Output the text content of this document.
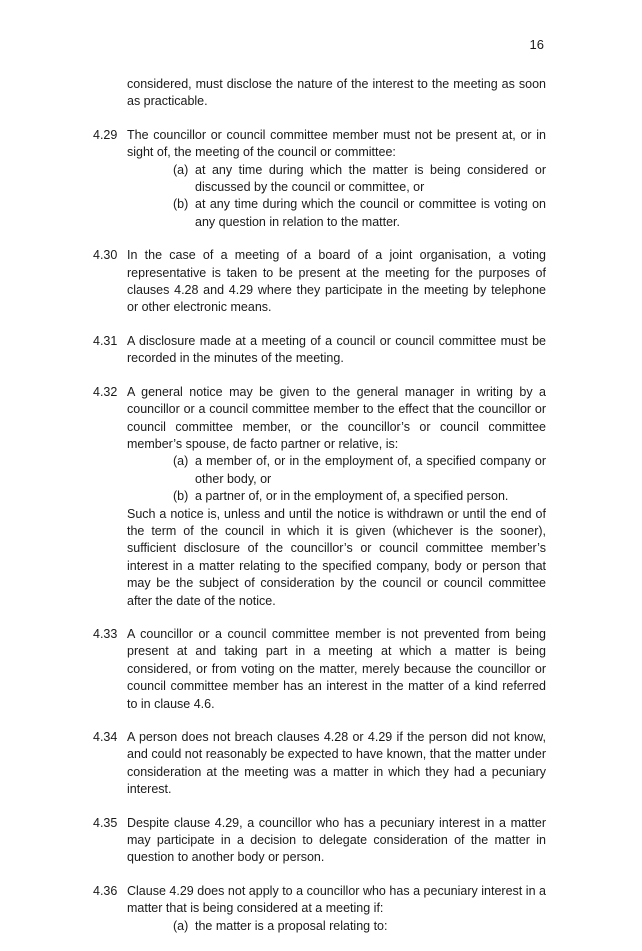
16
considered, must disclose the nature of the interest to the meeting as soon as practicable.
4.29 The councillor or council committee member must not be present at, or in sight of, the meeting of the council or committee:
(a) at any time during which the matter is being considered or discussed by the council or committee, or
(b) at any time during which the council or committee is voting on any question in relation to the matter.
4.30 In the case of a meeting of a board of a joint organisation, a voting representative is taken to be present at the meeting for the purposes of clauses 4.28 and 4.29 where they participate in the meeting by telephone or other electronic means.
4.31 A disclosure made at a meeting of a council or council committee must be recorded in the minutes of the meeting.
4.32 A general notice may be given to the general manager in writing by a councillor or a council committee member to the effect that the councillor or council committee member, or the councillor’s or council committee member’s spouse, de facto partner or relative, is:
(a) a member of, or in the employment of, a specified company or other body, or
(b) a partner of, or in the employment of, a specified person.
Such a notice is, unless and until the notice is withdrawn or until the end of the term of the council in which it is given (whichever is the sooner), sufficient disclosure of the councillor’s or council committee member’s interest in a matter relating to the specified company, body or person that may be the subject of consideration by the council or council committee after the date of the notice.
4.33 A councillor or a council committee member is not prevented from being present at and taking part in a meeting at which a matter is being considered, or from voting on the matter, merely because the councillor or council committee member has an interest in the matter of a kind referred to in clause 4.6.
4.34 A person does not breach clauses 4.28 or 4.29 if the person did not know, and could not reasonably be expected to have known, that the matter under consideration at the meeting was a matter in which they had a pecuniary interest.
4.35 Despite clause 4.29, a councillor who has a pecuniary interest in a matter may participate in a decision to delegate consideration of the matter in question to another body or person.
4.36 Clause 4.29 does not apply to a councillor who has a pecuniary interest in a matter that is being considered at a meeting if:
(a) the matter is a proposal relating to:
